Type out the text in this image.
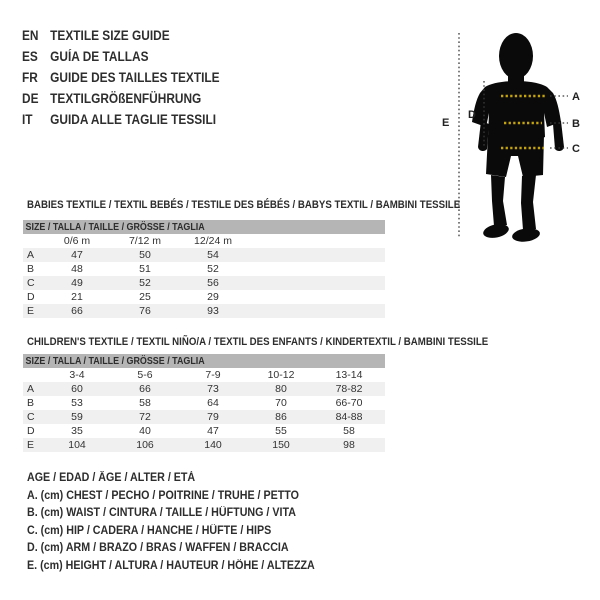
EN TEXTILE SIZE GUIDE
ES GUÍA DE TALLAS
FR GUIDE DES TAILLES TEXTILE
DE TEXTILGRÖßENFÜHRUNG
IT	GUIDA ALLE TAGLIE TESSILI
A
B
C
D
E
BABIES TEXTILE / TEXTIL BEBÉS / TESTILE DES BÉBÉS / BABYS TEXTIL / BAMBINI TESSILE
SIZE / TALLA / TAILLE / GRÖSSE / TAGLIA
0/6 m	7/12 m	12/24 m
A	47	50	54
B	48	51	52
C	49	52	56
D	21	25	29
E	66	76	93
CHILDREN'S TEXTILE / TEXTIL NIÑO/A / TEXTIL DES ENFANTS / KINDERTEXTIL / BAMBINI TESSILE
SIZE / TALLA / TAILLE / GRÖSSE / TAGLIA
3-4	5-6	7-9	10-12	13-14
A	60	66	73	80	78-82
B	53	58	64	70	66-70
C	59	72	79	86	84-88
D	35	40	47	55	58
E	104	106	140	150	98
AGE / EDAD / ÂGE / ALTER / ETÀ
A. (cm) CHEST / PECHO / POITRINE / TRUHE / PETTO
B. (cm) WAIST / CINTURA / TAILLE / HÜFTUNG / VITA
C. (cm) HIP / CADERA / HANCHE / HÜFTE / HIPS
D. (cm) ARM / BRAZO / BRAS / WAFFEN / BRACCIA
E. (cm) HEIGHT / ALTURA / HAUTEUR / HÖHE / ALTEZZA
